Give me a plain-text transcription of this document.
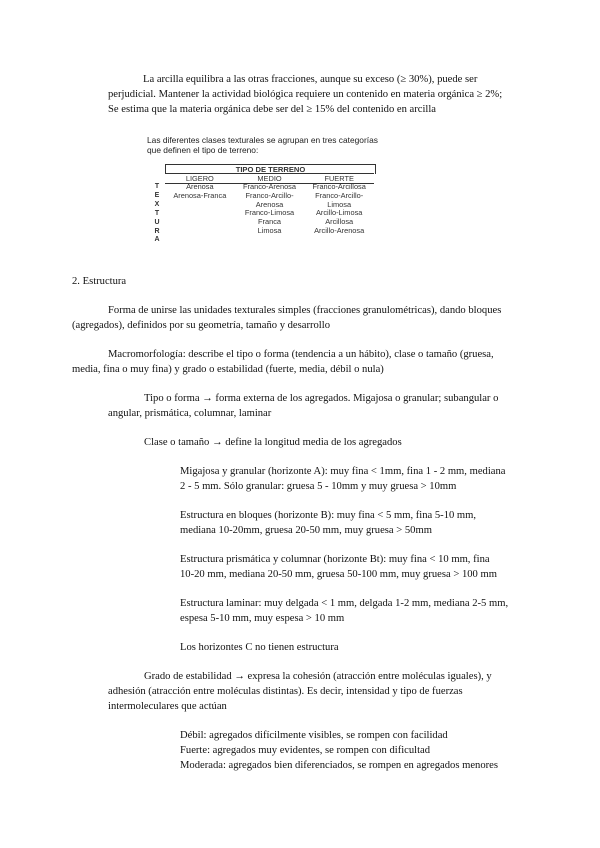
La arcilla equilibra a las otras fracciones, aunque su exceso (≥ 30%), puede ser

perjudicial. Mantener la actividad biológica requiere un contenido en materia orgánica ≥ 2%;

Se estima que la materia orgánica debe ser del ≥ 15% del contenido en arcilla

Las diferentes clases texturales se agrupan en tres categorías
que definen el tipo de terreno:
TIPO DE TERRENO
LIGERO	MEDIO	FUERTE
T
E
X
T
U
R
A
Arenosa
Arenosa-Franca
Franco-Arenosa
Franco-Arcillo-
Arenosa
Franco-Limosa
Franca
Limosa
Franco-Arcillosa
Franco-Arcillo-
Limosa
Arcillo-Limosa
Arcillosa
Arcillo-Arenosa

2. Estructura

Forma de unirse las unidades texturales simples (fracciones granulométricas), dando bloques

(agregados), definidos por su geometría, tamaño y desarrollo

Macromorfología: describe el tipo o forma (tendencia a un hábito), clase o tamaño (gruesa,

media, fina o muy fina) y grado o estabilidad (fuerte, media, débil o nula)

Tipo o forma → forma externa de los agregados. Migajosa o granular; subangular o

angular, prismática, columnar, laminar

Clase o tamaño → define la longitud media de los agregados

Migajosa y granular (horizonte A): muy fina < 1mm, fina 1 - 2 mm, mediana

2 - 5 mm. Sólo granular: gruesa 5 - 10mm y muy gruesa > 10mm

Estructura en bloques (horizonte B): muy fina < 5 mm, fina 5-10 mm,

mediana 10-20mm, gruesa 20-50 mm, muy gruesa > 50mm

Estructura prismática y columnar (horizonte Bt): muy fina < 10 mm, fina

10-20 mm, mediana 20-50 mm, gruesa 50-100 mm, muy gruesa > 100 mm

Estructura laminar: muy delgada < 1 mm, delgada 1-2 mm, mediana 2-5 mm,

espesa 5-10 mm, muy espesa > 10 mm

Los horizontes C no tienen estructura

Grado de estabilidad → expresa la cohesión (atracción entre moléculas iguales), y

adhesión (atracción entre moléculas distintas). Es decir, intensidad y tipo de fuerzas

intermoleculares que actúan

Débil: agregados difícilmente visibles, se rompen con facilidad

Fuerte: agregados muy evidentes, se rompen con dificultad

Moderada: agregados bien diferenciados, se rompen en agregados menores
